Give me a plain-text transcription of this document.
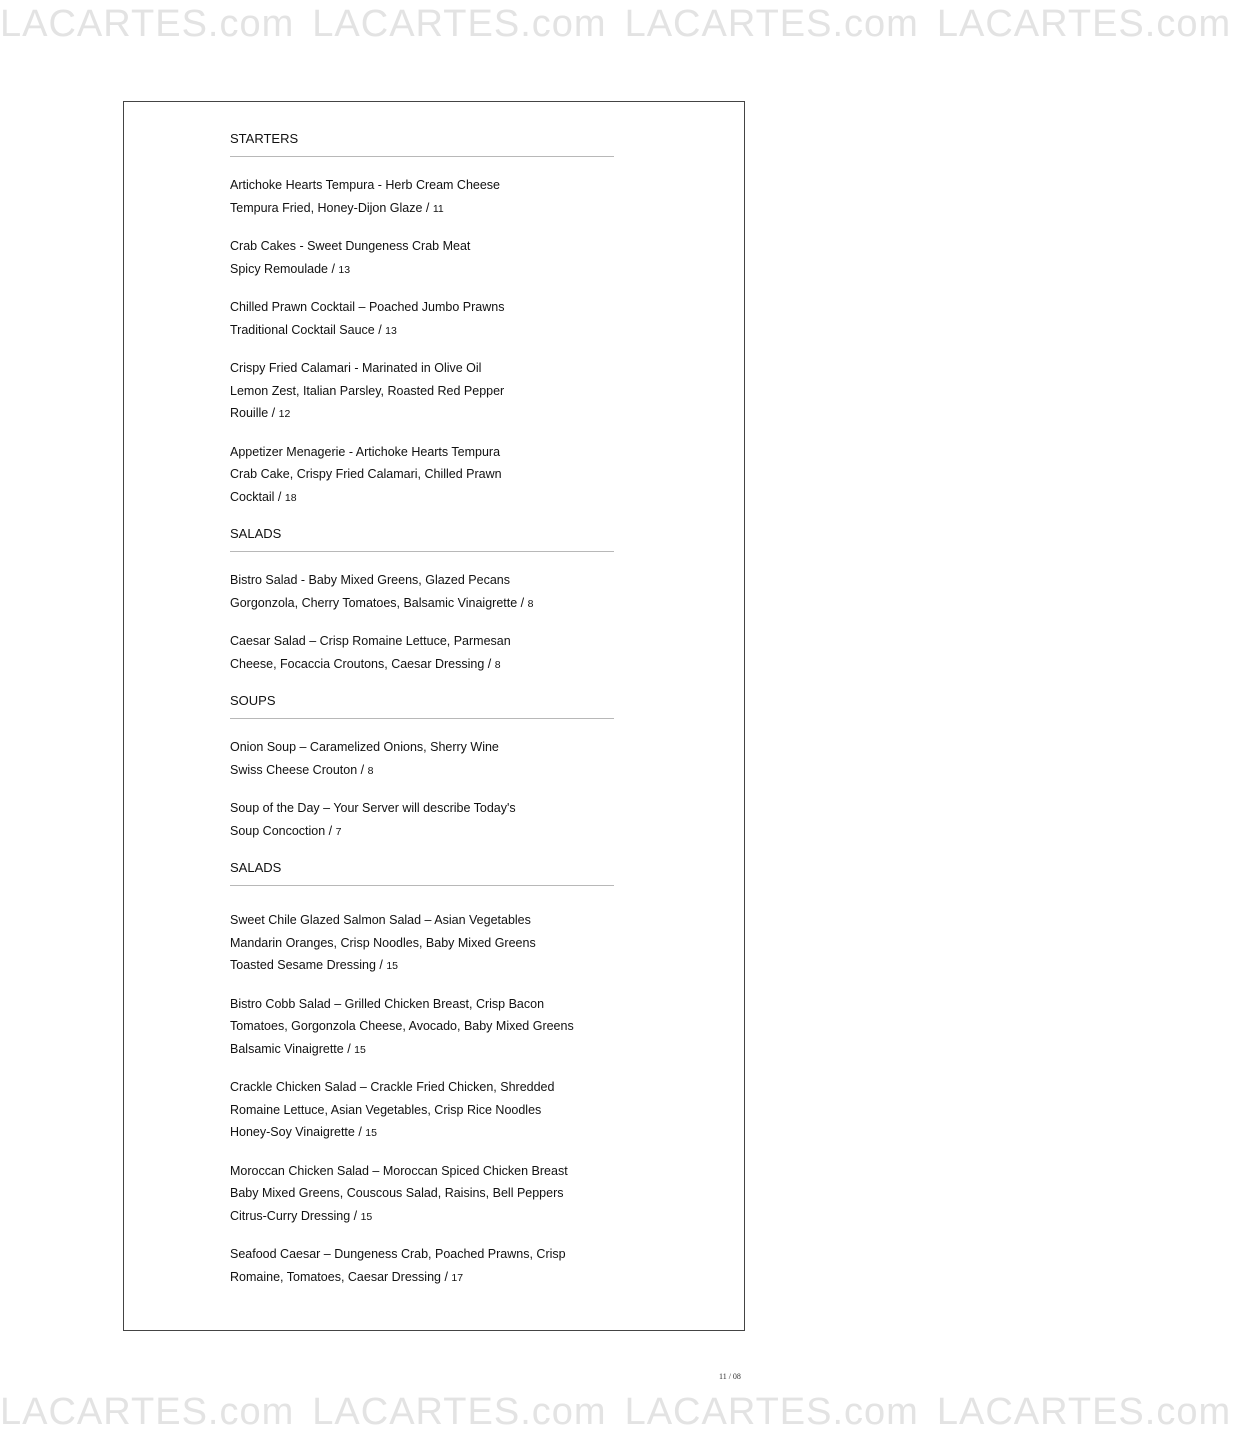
LACARTES.com LACARTES.com LACARTES.com LACARTES.com
LACARTES.com LACARTES.com LACARTES.com LACARTES.com
STARTERS
Artichoke Hearts Tempura - Herb Cream Cheese
Tempura Fried, Honey-Dijon Glaze / 11
Crab Cakes - Sweet Dungeness Crab Meat
Spicy Remoulade / 13
Chilled Prawn Cocktail – Poached Jumbo Prawns
Traditional Cocktail Sauce / 13
Crispy Fried Calamari - Marinated in Olive Oil
Lemon Zest, Italian Parsley, Roasted Red Pepper
Rouille / 12
Appetizer Menagerie - Artichoke Hearts Tempura
Crab Cake, Crispy Fried Calamari, Chilled Prawn
Cocktail / 18
SALADS
Bistro Salad - Baby Mixed Greens, Glazed Pecans
Gorgonzola, Cherry Tomatoes, Balsamic Vinaigrette / 8
Caesar Salad – Crisp Romaine Lettuce, Parmesan
Cheese, Focaccia Croutons, Caesar Dressing / 8
SOUPS
Onion Soup – Caramelized Onions, Sherry Wine
Swiss Cheese Crouton / 8
Soup of the Day – Your Server will describe Today's
Soup Concoction / 7
SALADS
Sweet Chile Glazed Salmon Salad – Asian Vegetables
Mandarin Oranges, Crisp Noodles, Baby Mixed Greens
Toasted Sesame Dressing / 15
Bistro Cobb Salad – Grilled Chicken Breast, Crisp Bacon
Tomatoes, Gorgonzola Cheese, Avocado, Baby Mixed Greens
Balsamic Vinaigrette / 15
Crackle Chicken Salad – Crackle Fried Chicken, Shredded
Romaine Lettuce, Asian Vegetables, Crisp Rice Noodles
Honey-Soy Vinaigrette / 15
Moroccan Chicken Salad – Moroccan Spiced Chicken Breast
Baby Mixed Greens, Couscous Salad, Raisins, Bell Peppers
Citrus-Curry Dressing / 15
Seafood Caesar – Dungeness Crab, Poached Prawns, Crisp
Romaine, Tomatoes, Caesar Dressing / 17
11 / 08
